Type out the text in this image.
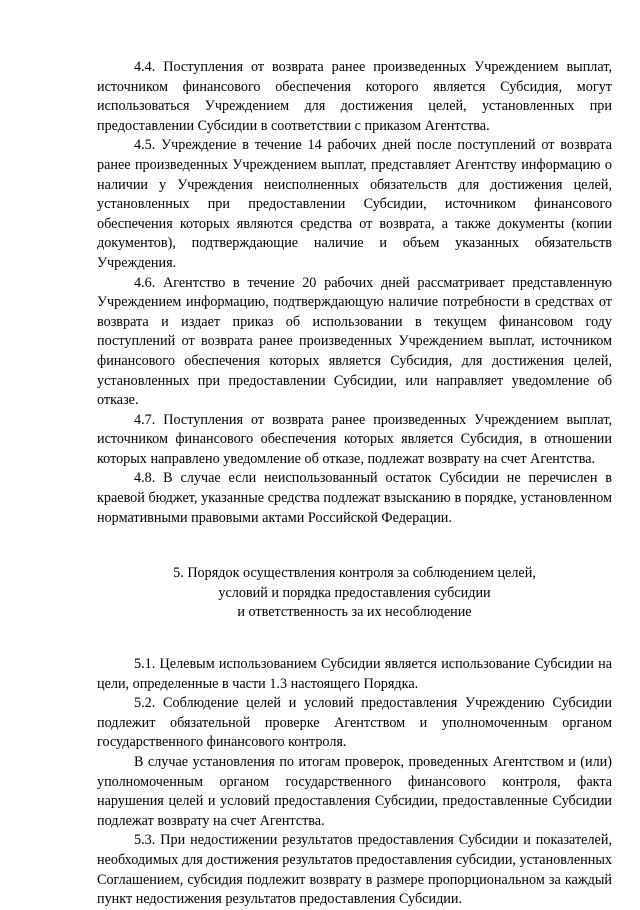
4.4. Поступления от возврата ранее произведенных Учреждением выплат, источником финансового обеспечения которого является Субсидия, могут использоваться Учреждением для достижения целей, установленных при предоставлении Субсидии в соответствии с приказом Агентства.

4.5. Учреждение в течение 14 рабочих дней после поступлений от возврата ранее произведенных Учреждением выплат, представляет Агентству информацию о наличии у Учреждения неисполненных обязательств для достижения целей, установленных при предоставлении Субсидии, источником финансового обеспечения которых являются средства от возврата, а также документы (копии документов), подтверждающие наличие и объем указанных обязательств Учреждения.

4.6. Агентство в течение 20 рабочих дней рассматривает представленную Учреждением информацию, подтверждающую наличие потребности в средствах от возврата и издает приказ об использовании в текущем финансовом году поступлений от возврата ранее произведенных Учреждением выплат, источником финансового обеспечения которых является Субсидия, для достижения целей, установленных при предоставлении Субсидии, или направляет уведомление об отказе.

4.7. Поступления от возврата ранее произведенных Учреждением выплат, источником финансового обеспечения которых является Субсидия, в отношении которых направлено уведомление об отказе, подлежат возврату на счет Агентства.

4.8. В случае если неиспользованный остаток Субсидии не перечислен в краевой бюджет, указанные средства подлежат взысканию в порядке, установленном нормативными правовыми актами Российской Федерации.

5. Порядок осуществления контроля за соблюдением целей,
условий и порядка предоставления субсидии
и ответственность за их несоблюдение

5.1. Целевым использованием Субсидии является использование Субсидии на цели, определенные в части 1.3 настоящего Порядка.

5.2. Соблюдение целей и условий предоставления Учреждению Субсидии подлежит обязательной проверке Агентством и уполномоченным органом государственного финансового контроля.

В случае установления по итогам проверок, проведенных Агентством и (или) уполномоченным органом государственного финансового контроля, факта нарушения целей и условий предоставления Субсидии, предоставленные Субсидии подлежат возврату на счет Агентства.

5.3. При недостижении результатов предоставления Субсидии и показателей, необходимых для достижения результатов предоставления субсидии, установленных Соглашением, субсидия подлежит возврату в размере пропорциональном за каждый пункт недостижения результатов предоставления Субсидии.
